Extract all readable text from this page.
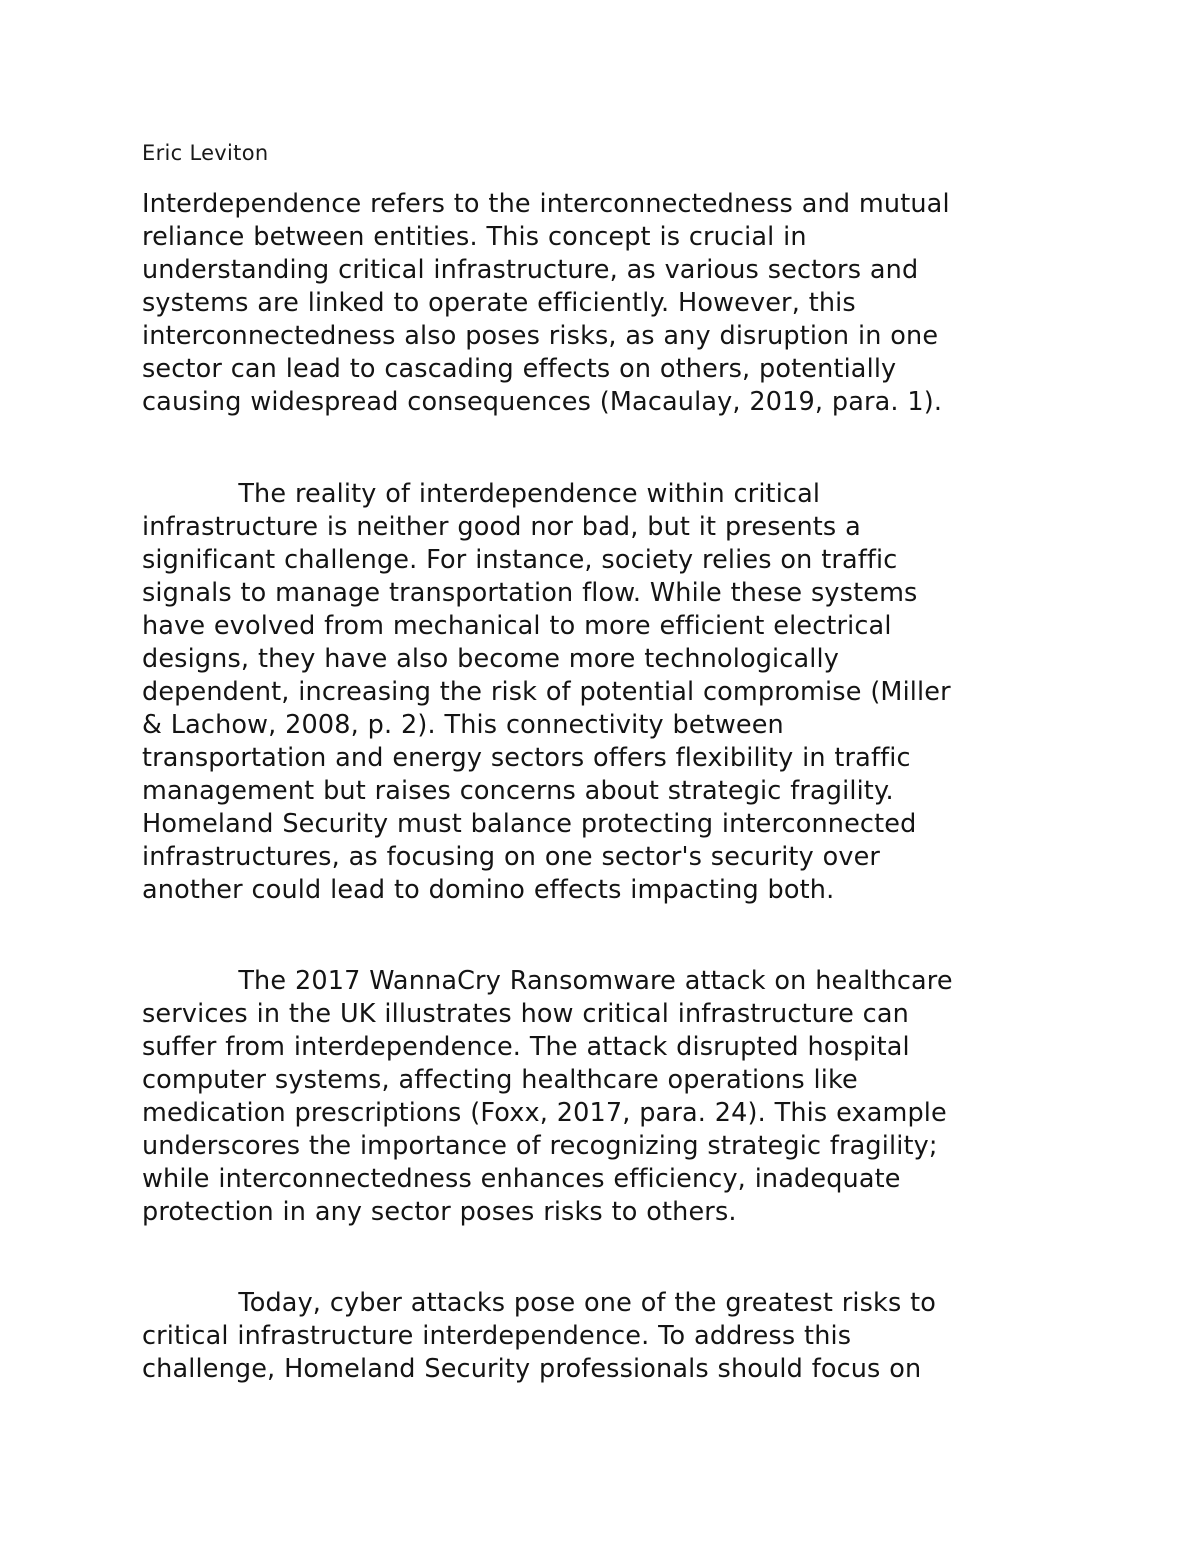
Eric Leviton

Interdependence refers to the interconnectedness and mutual
reliance between entities. This concept is crucial in
understanding critical infrastructure, as various sectors and
systems are linked to operate efficiently. However, this
interconnectedness also poses risks, as any disruption in one
sector can lead to cascading effects on others, potentially
causing widespread consequences (Macaulay, 2019, para. 1).

The reality of interdependence within critical
infrastructure is neither good nor bad, but it presents a
significant challenge. For instance, society relies on traffic
signals to manage transportation flow. While these systems
have evolved from mechanical to more efficient electrical
designs, they have also become more technologically
dependent, increasing the risk of potential compromise (Miller
& Lachow, 2008, p. 2). This connectivity between
transportation and energy sectors offers flexibility in traffic
management but raises concerns about strategic fragility.
Homeland Security must balance protecting interconnected
infrastructures, as focusing on one sector's security over
another could lead to domino effects impacting both.

The 2017 WannaCry Ransomware attack on healthcare
services in the UK illustrates how critical infrastructure can
suffer from interdependence. The attack disrupted hospital
computer systems, affecting healthcare operations like
medication prescriptions (Foxx, 2017, para. 24). This example
underscores the importance of recognizing strategic fragility;
while interconnectedness enhances efficiency, inadequate
protection in any sector poses risks to others.

Today, cyber attacks pose one of the greatest risks to
critical infrastructure interdependence. To address this
challenge, Homeland Security professionals should focus on
